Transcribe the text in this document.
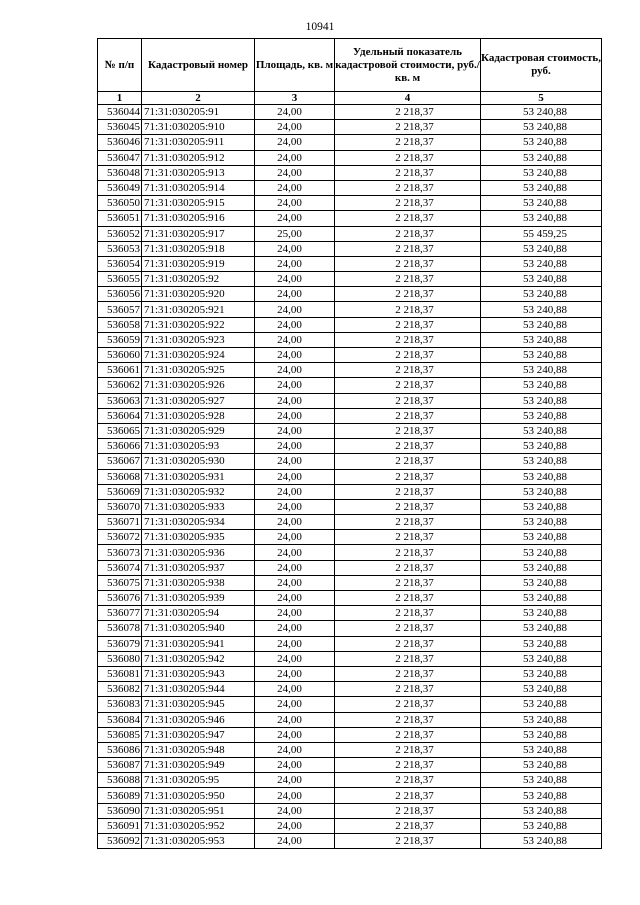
10941
№ п/п	Кадастровый номер	Площадь, кв. м	Удельный показатель кадастровой стоимости, руб./кв. м	Кадастровая стоимость, руб.
1	2	3	4	5
536044	71:31:030205:91	24,00	2 218,37	53 240,88
536045	71:31:030205:910	24,00	2 218,37	53 240,88
536046	71:31:030205:911	24,00	2 218,37	53 240,88
536047	71:31:030205:912	24,00	2 218,37	53 240,88
536048	71:31:030205:913	24,00	2 218,37	53 240,88
536049	71:31:030205:914	24,00	2 218,37	53 240,88
536050	71:31:030205:915	24,00	2 218,37	53 240,88
536051	71:31:030205:916	24,00	2 218,37	53 240,88
536052	71:31:030205:917	25,00	2 218,37	55 459,25
536053	71:31:030205:918	24,00	2 218,37	53 240,88
536054	71:31:030205:919	24,00	2 218,37	53 240,88
536055	71:31:030205:92	24,00	2 218,37	53 240,88
536056	71:31:030205:920	24,00	2 218,37	53 240,88
536057	71:31:030205:921	24,00	2 218,37	53 240,88
536058	71:31:030205:922	24,00	2 218,37	53 240,88
536059	71:31:030205:923	24,00	2 218,37	53 240,88
536060	71:31:030205:924	24,00	2 218,37	53 240,88
536061	71:31:030205:925	24,00	2 218,37	53 240,88
536062	71:31:030205:926	24,00	2 218,37	53 240,88
536063	71:31:030205:927	24,00	2 218,37	53 240,88
536064	71:31:030205:928	24,00	2 218,37	53 240,88
536065	71:31:030205:929	24,00	2 218,37	53 240,88
536066	71:31:030205:93	24,00	2 218,37	53 240,88
536067	71:31:030205:930	24,00	2 218,37	53 240,88
536068	71:31:030205:931	24,00	2 218,37	53 240,88
536069	71:31:030205:932	24,00	2 218,37	53 240,88
536070	71:31:030205:933	24,00	2 218,37	53 240,88
536071	71:31:030205:934	24,00	2 218,37	53 240,88
536072	71:31:030205:935	24,00	2 218,37	53 240,88
536073	71:31:030205:936	24,00	2 218,37	53 240,88
536074	71:31:030205:937	24,00	2 218,37	53 240,88
536075	71:31:030205:938	24,00	2 218,37	53 240,88
536076	71:31:030205:939	24,00	2 218,37	53 240,88
536077	71:31:030205:94	24,00	2 218,37	53 240,88
536078	71:31:030205:940	24,00	2 218,37	53 240,88
536079	71:31:030205:941	24,00	2 218,37	53 240,88
536080	71:31:030205:942	24,00	2 218,37	53 240,88
536081	71:31:030205:943	24,00	2 218,37	53 240,88
536082	71:31:030205:944	24,00	2 218,37	53 240,88
536083	71:31:030205:945	24,00	2 218,37	53 240,88
536084	71:31:030205:946	24,00	2 218,37	53 240,88
536085	71:31:030205:947	24,00	2 218,37	53 240,88
536086	71:31:030205:948	24,00	2 218,37	53 240,88
536087	71:31:030205:949	24,00	2 218,37	53 240,88
536088	71:31:030205:95	24,00	2 218,37	53 240,88
536089	71:31:030205:950	24,00	2 218,37	53 240,88
536090	71:31:030205:951	24,00	2 218,37	53 240,88
536091	71:31:030205:952	24,00	2 218,37	53 240,88
536092	71:31:030205:953	24,00	2 218,37	53 240,88
